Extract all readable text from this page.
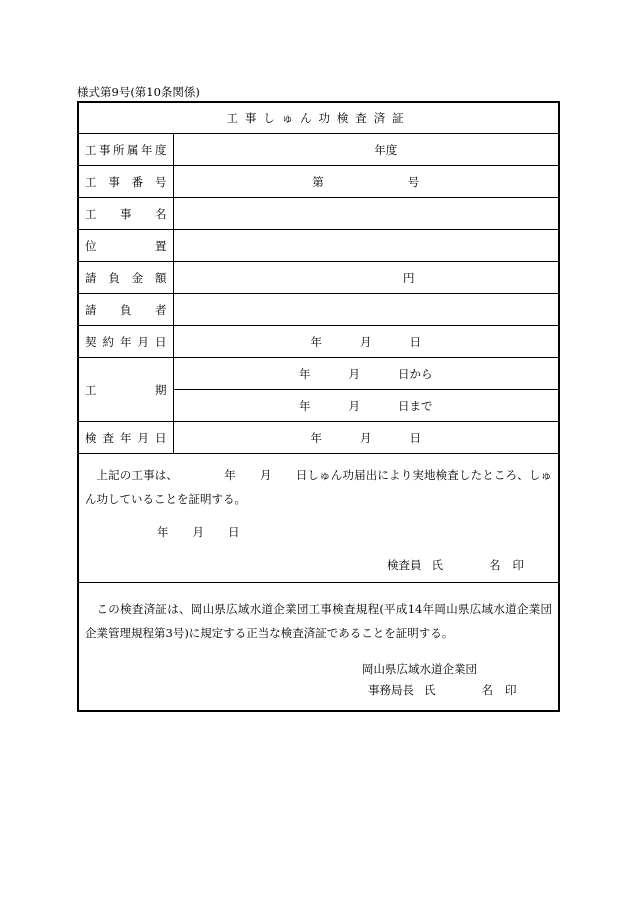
様式第9号(第10条関係)
工事しゅん功検査済証	
工事所属年度	年度
工事番号	第 号
工事名	
位置	
請負金額	円
請負者	
契約年月日	年 月 日
工期	年 月 日から
	年 月 日まで
検査年月日	年 月 日

上記の工事は、 年 月 日しゅん功届出により実地検査したところ、しゅん功していることを証明する。
年 月 日
検査員 氏 名 印	

この検査済証は、岡山県広域水道企業団工事検査規程(平成14年岡山県広域水道企業団企業管理規程第3号)に規定する正当な検査済証であることを証明する。
岡山県広域水道企業団
事務局長 氏 名 印	
